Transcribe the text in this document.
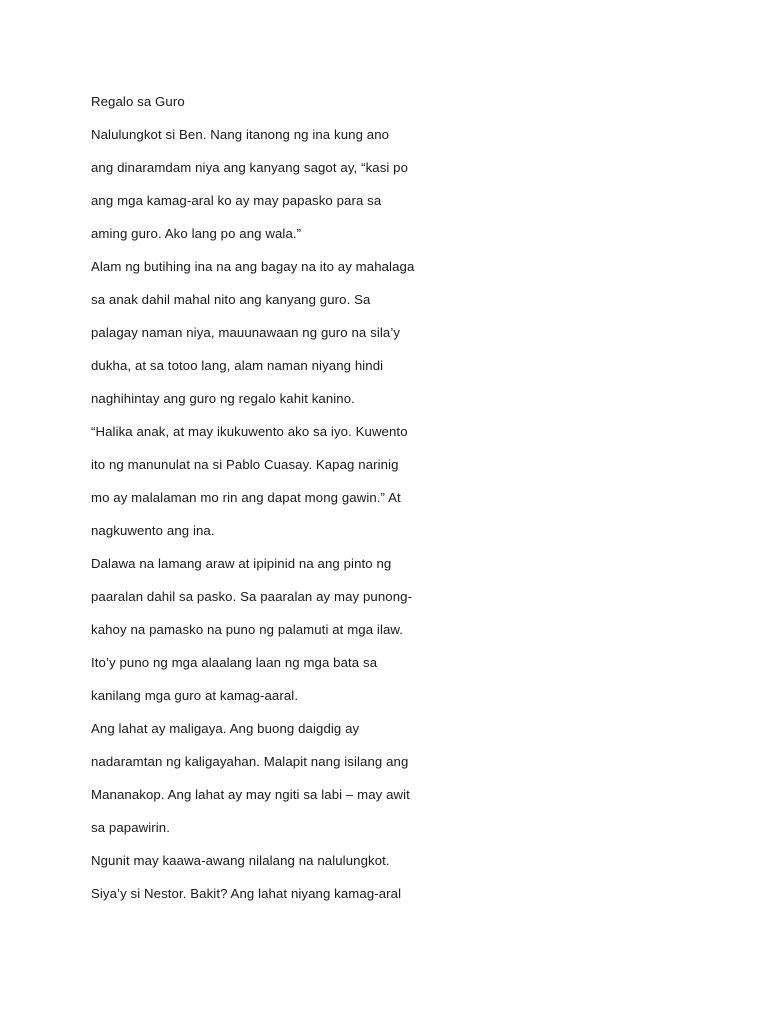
Regalo sa Guro
Nalulungkot si Ben. Nang itanong ng ina kung ano
ang dinaramdam niya ang kanyang sagot ay, “kasi po
ang mga kamag-aral ko ay may papasko para sa
aming guro. Ako lang po ang wala.”
Alam ng butihing ina na ang bagay na ito ay mahalaga
sa anak dahil mahal nito ang kanyang guro. Sa
palagay naman niya, mauunawaan ng guro na sila’y
dukha, at sa totoo lang, alam naman niyang hindi
naghihintay ang guro ng regalo kahit kanino.
“Halika anak, at may ikukuwento ako sa iyo. Kuwento
ito ng manunulat na si Pablo Cuasay. Kapag narinig
mo ay malalaman mo rin ang dapat mong gawin.” At
nagkuwento ang ina.
Dalawa na lamang araw at ipipinid na ang pinto ng
paaralan dahil sa pasko. Sa paaralan ay may punong-
kahoy na pamasko na puno ng palamuti at mga ilaw.
Ito’y puno ng mga alaalang laan ng mga bata sa
kanilang mga guro at kamag-aaral.
Ang lahat ay maligaya. Ang buong daigdig ay
nadaramtan ng kaligayahan. Malapit nang isilang ang
Mananakop. Ang lahat ay may ngiti sa labi – may awit
sa papawirin.
Ngunit may kaawa-awang nilalang na nalulungkot.
Siya’y si Nestor. Bakit? Ang lahat niyang kamag-aral
